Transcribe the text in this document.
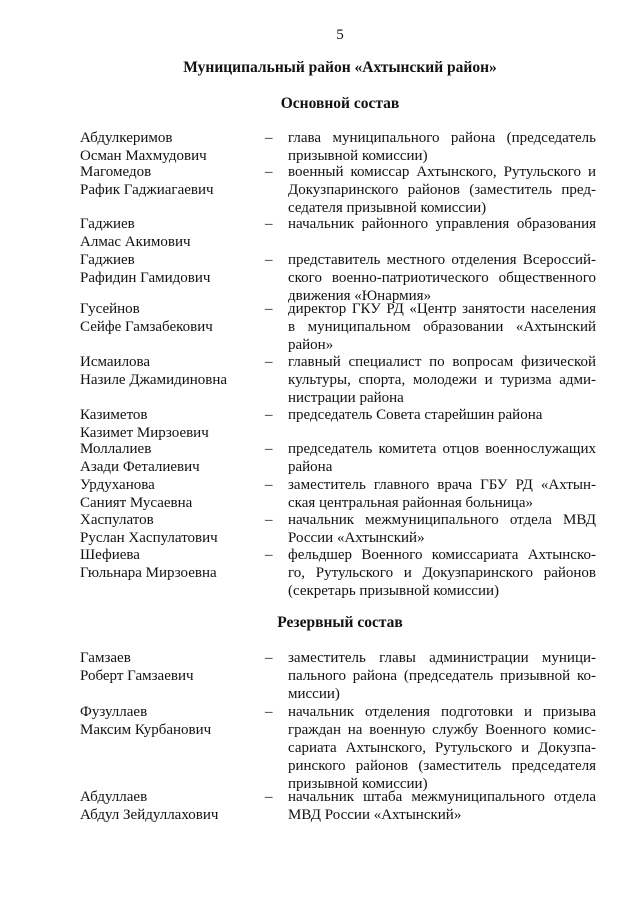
5
Муниципальный район «Ахтынский район»
Основной состав
Резервный состав
Абдулкеримов
Осман Махмудович
– глава муниципального района (председатель
призывной комиссии)
Магомедов
Рафик Гаджиагаевич
– военный комиссар Ахтынского, Рутульского и
Докузпаринского районов (заместитель пред-
седателя призывной комиссии)
Гаджиев
Алмас Акимович
– начальник районного управления образования
Гаджиев
Рафидин Гамидович
– представитель местного отделения Всероссий-
ского военно-патриотического общественного
движения «Юнармия»
Гусейнов
Сейфе Гамзабекович
– директор ГКУ РД «Центр занятости населения
в муниципальном образовании «Ахтынский
район»
Исмаилова
Назиле Джамидиновна
– главный специалист по вопросам физической
культуры, спорта, молодежи и туризма адми-
нистрации района
Казиметов
Казимет Мирзоевич
– председатель Совета старейшин района
Моллалиев
Азади Феталиевич
– председатель комитета отцов военнослужащих
района
Урдуханова
Саният Мусаевна
– заместитель главного врача ГБУ РД «Ахтын-
ская центральная районная больница»
Хаспулатов
Руслан Хаспулатович
– начальник межмуниципального отдела МВД
России «Ахтынский»
Шефиева
Гюльнара Мирзоевна
– фельдшер Военного комиссариата Ахтынско-
го, Рутульского и Докузпаринского районов
(секретарь призывной комиссии)
Гамзаев
Роберт Гамзаевич
– заместитель главы администрации муници-
пального района (председатель призывной ко-
миссии)
Фузуллаев
Максим Курбанович
– начальник отделения подготовки и призыва
граждан на военную службу Военного комис-
сариата Ахтынского, Рутульского и Докузпа-
ринского районов (заместитель председателя
призывной комиссии)
Абдуллаев
Абдул Зейдуллахович
– начальник штаба межмуниципального отдела
МВД России «Ахтынский»
